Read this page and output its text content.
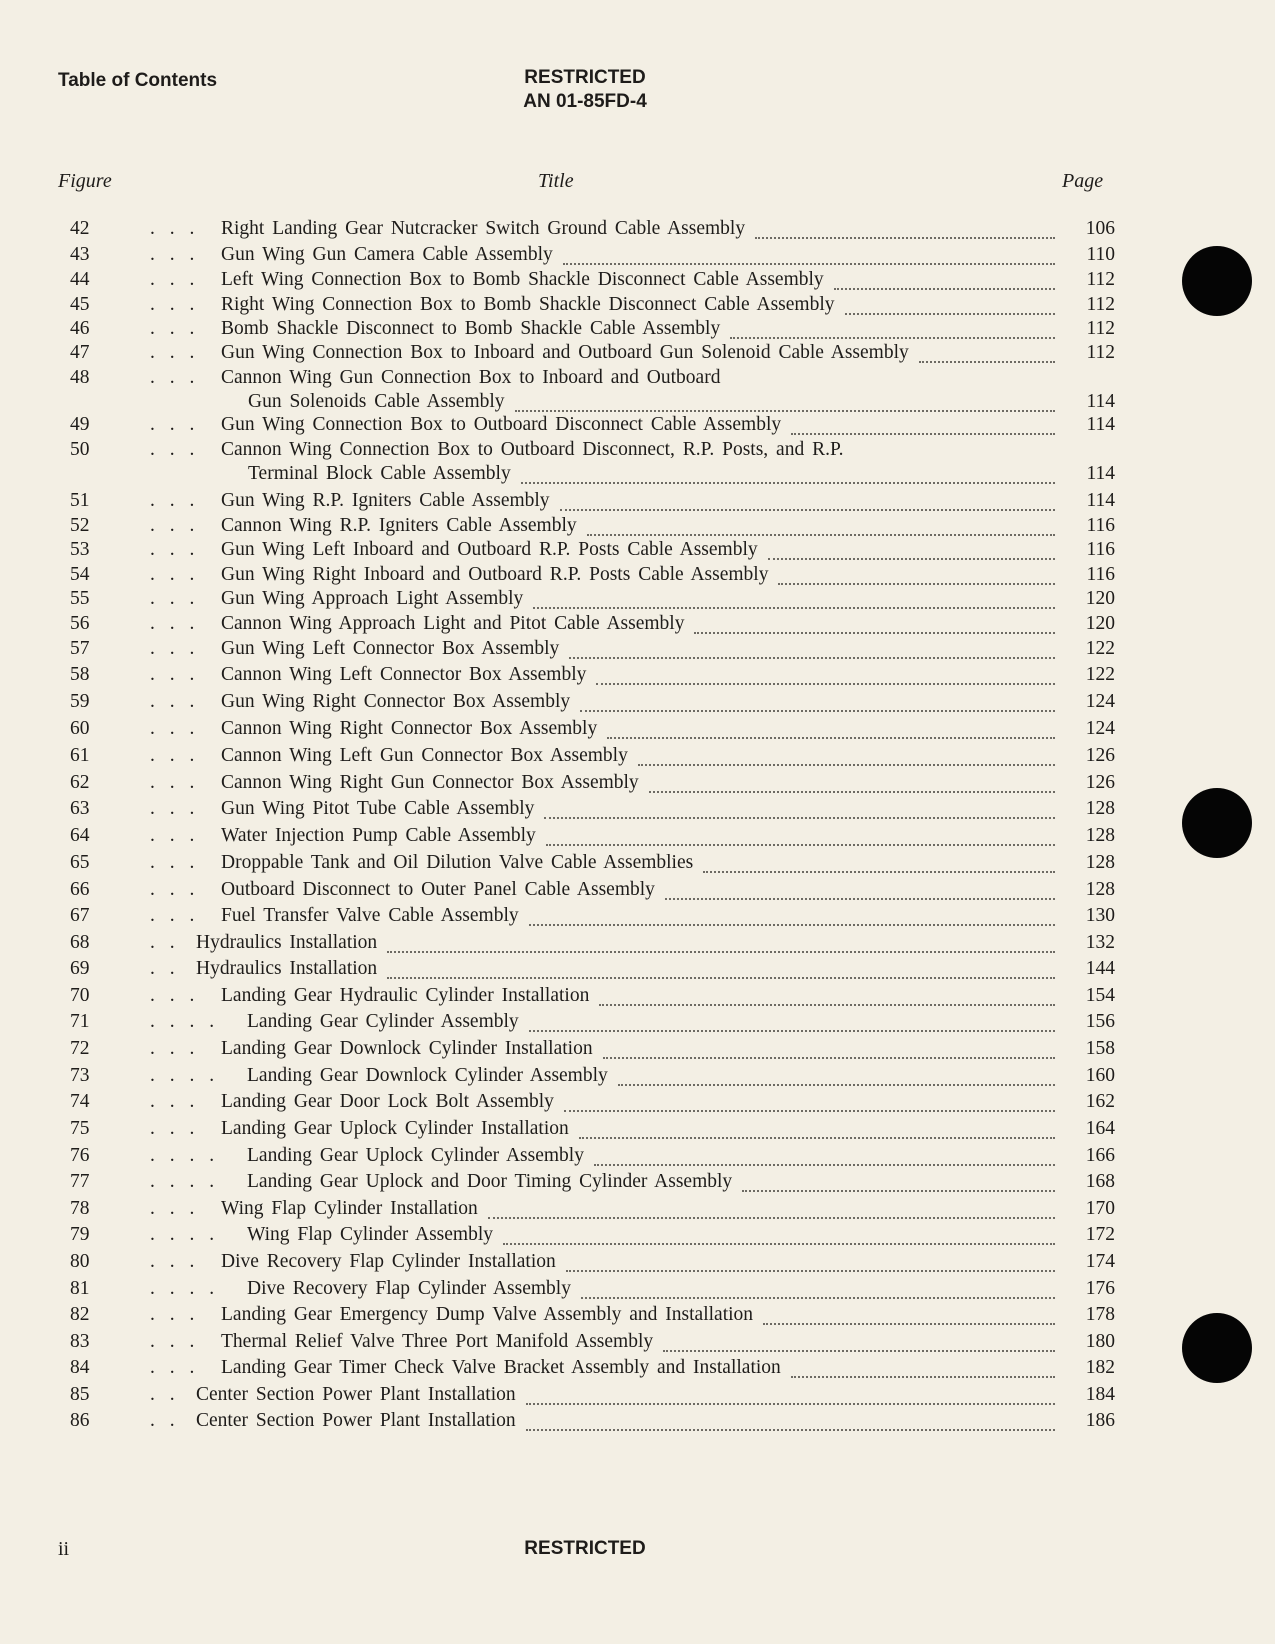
Table of Contents	RESTRICTED
AN 01-85FD-4
Figure	Title	Page
42	. . . Right Landing Gear Nutcracker Switch Ground Cable Assembly	106
43	. . . Gun Wing Gun Camera Cable Assembly	110
44	. . . Left Wing Connection Box to Bomb Shackle Disconnect Cable Assembly	112
45	. . . Right Wing Connection Box to Bomb Shackle Disconnect Cable Assembly	112
46	. . . Bomb Shackle Disconnect to Bomb Shackle Cable Assembly	112
47	. . . Gun Wing Connection Box to Inboard and Outboard Gun Solenoid Cable Assembly	112
48	. . . Cannon Wing Gun Connection Box to Inboard and Outboard
Gun Solenoids Cable Assembly	114
49	. . . Gun Wing Connection Box to Outboard Disconnect Cable Assembly	114
50	. . . Cannon Wing Connection Box to Outboard Disconnect, R.P. Posts, and R.P.
Terminal Block Cable Assembly	114
51	. . . Gun Wing R.P. Igniters Cable Assembly	114
52	. . . Cannon Wing R.P. Igniters Cable Assembly	116
53	. . . Gun Wing Left Inboard and Outboard R.P. Posts Cable Assembly	116
54	. . . Gun Wing Right Inboard and Outboard R.P. Posts Cable Assembly	116
55	. . . Gun Wing Approach Light Assembly	120
56	. . . Cannon Wing Approach Light and Pitot Cable Assembly	120
57	. . . Gun Wing Left Connector Box Assembly	122
58	. . . Cannon Wing Left Connector Box Assembly	122
59	. . . Gun Wing Right Connector Box Assembly	124
60	. . . Cannon Wing Right Connector Box Assembly	124
61	. . . Cannon Wing Left Gun Connector Box Assembly	126
62	. . . Cannon Wing Right Gun Connector Box Assembly	126
63	. . . Gun Wing Pitot Tube Cable Assembly	128
64	. . . Water Injection Pump Cable Assembly	128
65	. . . Droppable Tank and Oil Dilution Valve Cable Assemblies	128
66	. . . Outboard Disconnect to Outer Panel Cable Assembly	128
67	. . . Fuel Transfer Valve Cable Assembly	130
68	. . Hydraulics Installation	132
69	. . Hydraulics Installation	144
70	. . . Landing Gear Hydraulic Cylinder Installation	154
71	. . . . Landing Gear Cylinder Assembly	156
72	. . . Landing Gear Downlock Cylinder Installation	158
73	. . . . Landing Gear Downlock Cylinder Assembly	160
74	. . . Landing Gear Door Lock Bolt Assembly	162
75	. . . Landing Gear Uplock Cylinder Installation	164
76	. . . . Landing Gear Uplock Cylinder Assembly	166
77	. . . . Landing Gear Uplock and Door Timing Cylinder Assembly	168
78	. . . Wing Flap Cylinder Installation	170
79	. . . . Wing Flap Cylinder Assembly	172
80	. . . Dive Recovery Flap Cylinder Installation	174
81	. . . . Dive Recovery Flap Cylinder Assembly	176
82	. . . Landing Gear Emergency Dump Valve Assembly and Installation	178
83	. . . Thermal Relief Valve Three Port Manifold Assembly	180
84	. . . Landing Gear Timer Check Valve Bracket Assembly and Installation	182
85	. . Center Section Power Plant Installation	184
86	. . Center Section Power Plant Installation	186
ii	RESTRICTED
